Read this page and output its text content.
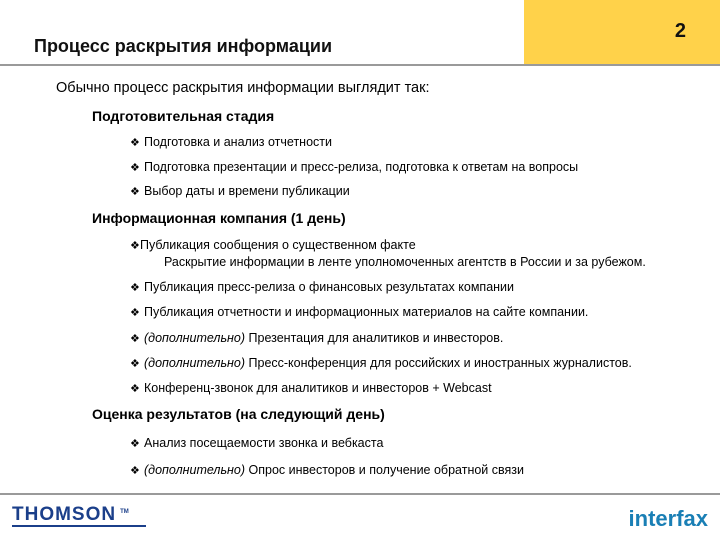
Процесс раскрытия информации
2
Обычно процесс раскрытия информации выглядит так:
Подготовительная стадия
❖ Подготовка и анализ отчетности
❖ Подготовка презентации и пресс-релиза, подготовка к ответам на вопросы
❖ Выбор даты и времени публикации
Информационная компания (1 день)
❖Публикация сообщения о существенном факте
Раскрытие информации в ленте уполномоченных агентств в России и за рубежом.
❖ Публикация пресс-релиза о финансовых результатах компании
❖ Публикация отчетности и информационных материалов на сайте компании.
❖ (дополнительно) Презентация для аналитиков и инвесторов.
❖ (дополнительно) Пресс-конференция для российских и иностранных журналистов.
❖ Конференц-звонок для аналитиков и инвесторов + Webcast
Оценка результатов (на следующий день)
❖ Анализ посещаемости звонка и вебкаста
❖ (дополнительно) Опрос инвесторов и получение обратной связи
THOMSON ™	interfax
